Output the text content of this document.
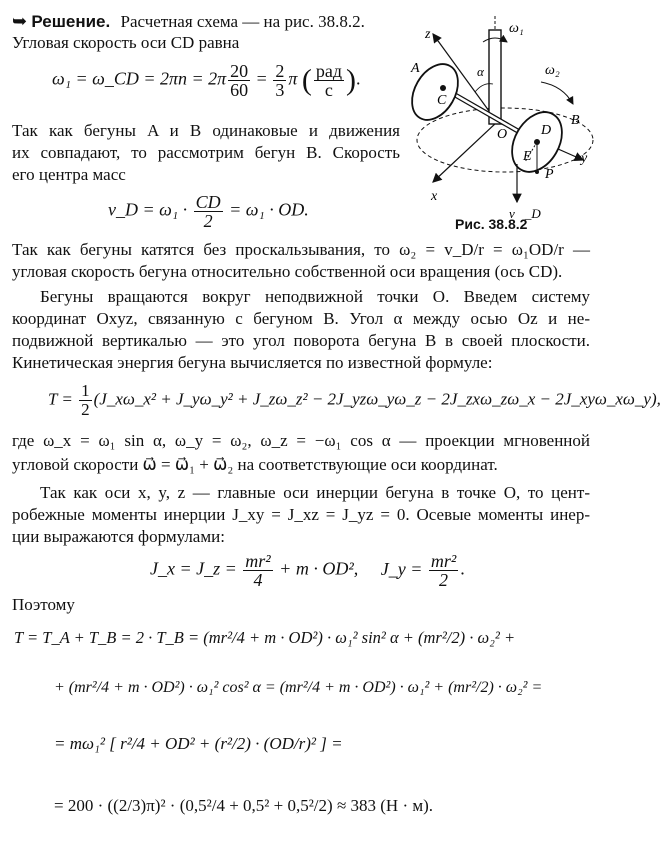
➥ Решение. Расчетная схема — на рис. 38.8.2.
Угловая скорость оси CD равна
ω₁ = ω_CD = $2\pi n = 2\pi \frac{20}{60} = \frac{2}{3}$ π ( $\frac{\text{рад}}{с}$ ).
Так как бегуны A и B одинаковые и движения
их совпадают, то рассмотрим бегун B. Скорость
его центра масс
v_D = $\omega_1 \cdot \frac{CD}{2} = \omega_1$ · OD.
z	ω₁
α
A	ω₂
C
D
B
O
E	y
P
x
v⃗_D
Рис. 38.8.2
Так как бегуны катятся без проскальзывания, то ω₂ = v_D/r = ω₁OD/r —
угловая скорость бегуна относительно собственной оси вращения (ось CD).
Бегуны вращаются вокруг неподвижной точки O. Введем систему
координат Oxyz, связанную с бегуном B. Угол α между осью Oz и не-
подвижной вертикалью — это угол поворота бегуна B в своей плоскости.
Кинетическая энергия бегуна вычисляется по известной формуле:
$T = \frac{1}{2}$ (J_xω_x² + J_yω_y² + J_zω_z² − 2J_yzω_yω_z − 2J_zxω_zω_x − 2J_xyω_xω_y),
где ω_x = ω₁ sin α, ω_y = ω₂, ω_z = −ω₁ cos α — проекции мгновенной
угловой скорости ω⃗ = ω⃗₁ + ω⃗₂ на соответствующие оси координат.
Так как оси x, y, z — главные оси инерции бегуна в точке O, то цент-
робежные моменты инерции J_xy = J_xz = J_yz = 0. Осевые моменты инер-
ции выражаются формулами:
J_x = J_z = $\frac{\text{mr²}}{4} + m \cdot OD^2$, J_y = $\frac{\text{mr²}}{2}$ .
Поэтому
T = T_A + T_B = 2 · T_B = (mr²/4 + m · OD²) · ω₁² sin² α + (mr²/2) · ω₂² +
+ (mr²/4 + m · OD²) · ω₁² cos² α = (mr²/4 + m · OD²) · ω₁² + (mr²/2) · ω₂² =
= mω₁² [ r²/4 + OD² + (r²/2) · (OD/r)² ] =
= 200 · ((2/3)π)² · (0,5²/4 + 0,5² + 0,5²/2) ≈ 383 (Н · м).
